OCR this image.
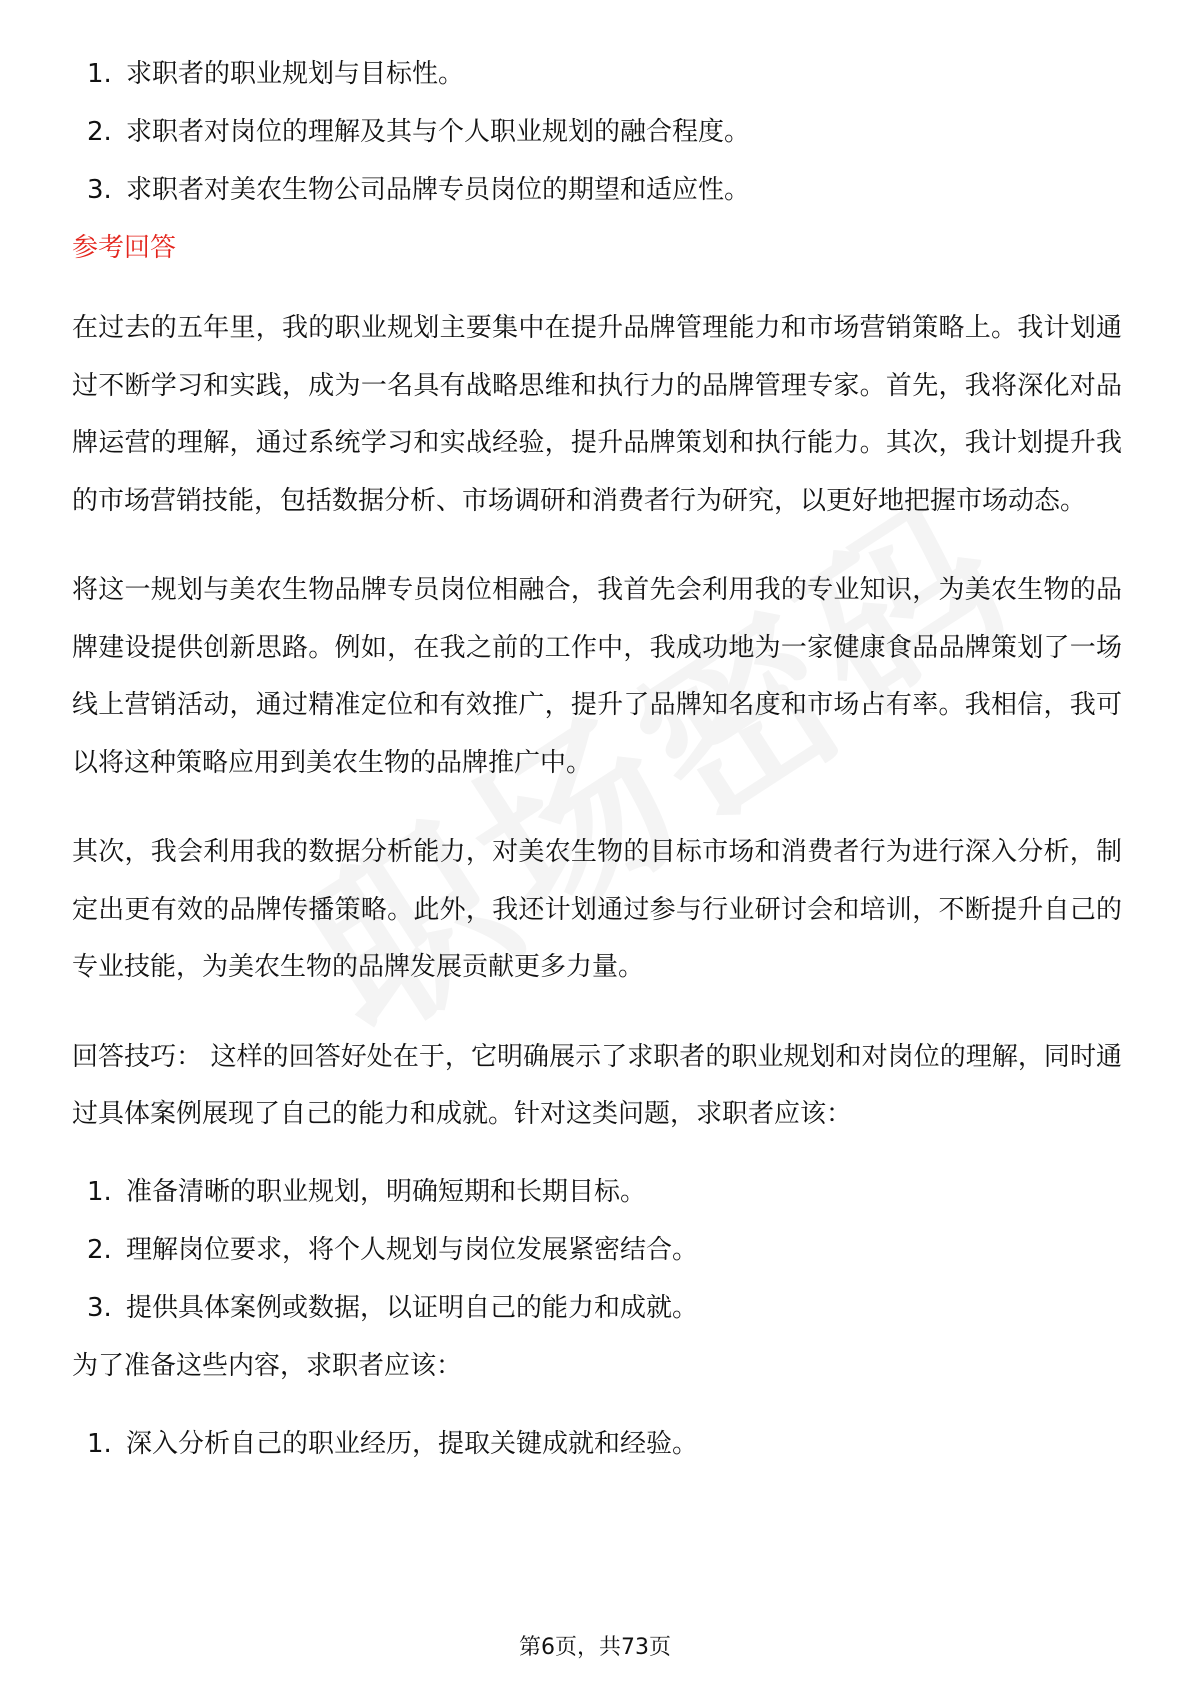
1. 求职者的职业规划与目标性。
2. 求职者对岗位的理解及其与个人职业规划的融合程度。
3. 求职者对美农生物公司品牌专员岗位的期望和适应性。
参考回答

在过去的五年里，我的职业规划主要集中在提升品牌管理能力和市场营销策略上。我计划通过不断学习和实践，成为一名具有战略思维和执行力的品牌管理专家。首先，我将深化对品牌运营的理解，通过系统学习和实战经验，提升品牌策划和执行能力。其次，我计划提升我的市场营销技能，包括数据分析、市场调研和消费者行为研究，以更好地把握市场动态。

将这一规划与美农生物品牌专员岗位相融合，我首先会利用我的专业知识，为美农生物的品牌建设提供创新思路。例如，在我之前的工作中，我成功地为一家健康食品品牌策划了一场线上营销活动，通过精准定位和有效推广，提升了品牌知名度和市场占有率。我相信，我可以将这种策略应用到美农生物的品牌推广中。

其次，我会利用我的数据分析能力，对美农生物的目标市场和消费者行为进行深入分析，制定出更有效的品牌传播策略。此外，我还计划通过参与行业研讨会和培训，不断提升自己的专业技能，为美农生物的品牌发展贡献更多力量。

回答技巧： 这样的回答好处在于，它明确展示了求职者的职业规划和对岗位的理解，同时通过具体案例展现了自己的能力和成就。针对这类问题，求职者应该：

1. 准备清晰的职业规划，明确短期和长期目标。
2. 理解岗位要求，将个人规划与岗位发展紧密结合。
3. 提供具体案例或数据，以证明自己的能力和成就。

为了准备这些内容，求职者应该：

1. 深入分析自己的职业经历，提取关键成就和经验。
第6页，共73页
